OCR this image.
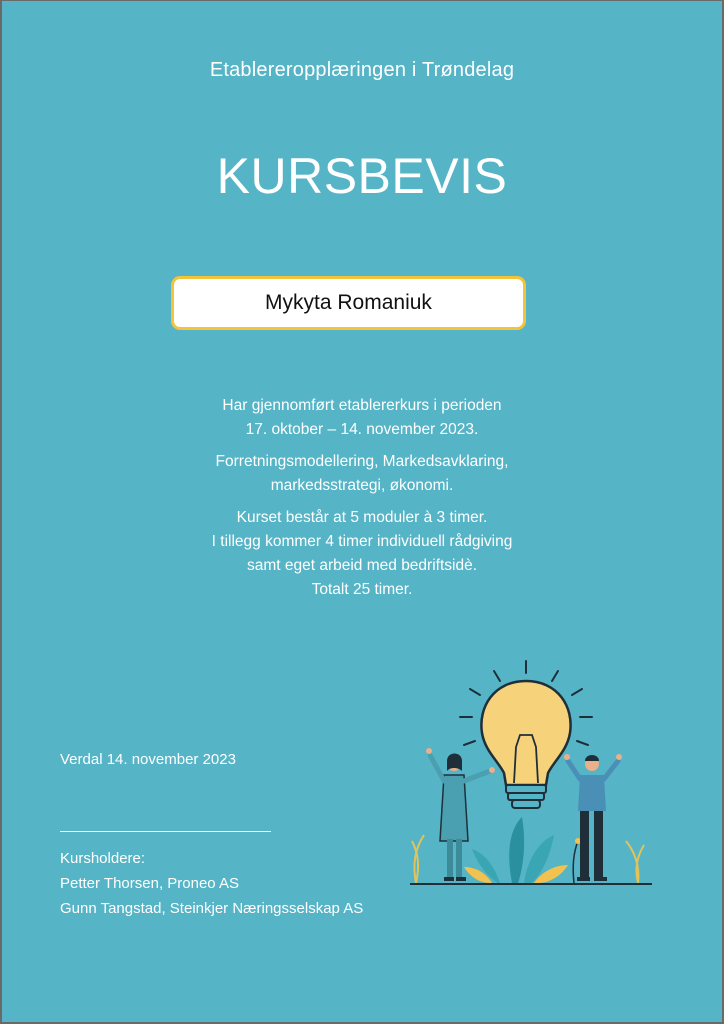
Etablereropplæringen i Trøndelag
KURSBEVIS
Mykyta Romaniuk

Har gjennomført etablererkurs i perioden
17. oktober – 14. november 2023.

Forretningsmodellering, Markedsavklaring,
markedsstrategi, økonomi.

Kurset består at 5 moduler à 3 timer.
I tillegg kommer 4 timer individuell rådgiving
samt eget arbeid med bedriftsidè.
Totalt 25 timer.

Verdal 14. november 2023
Kursholdere:
Petter Thorsen, Proneo AS
Gunn Tangstad, Steinkjer Næringsselskap AS
